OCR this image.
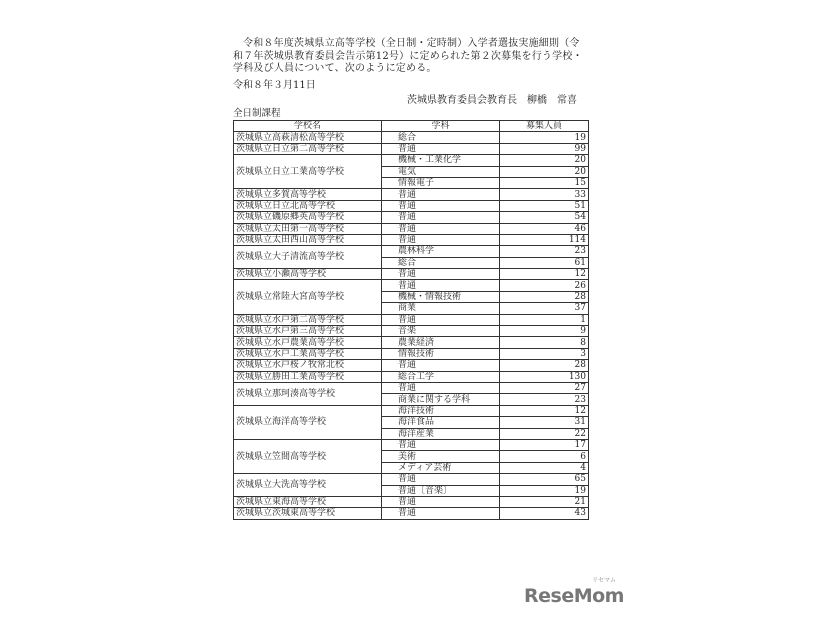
令和８年度茨城県立高等学校（全日制・定時制）入学者選抜実施細則（令和７年茨城県教育委員会告示第12号）に定められた第２次募集を行う学校・学科及び人員について、次のように定める。

令和８年３月11日
茨城県教育委員会教育長　柳橋　常喜
全日制課程
学校名	学科	募集人員
茨城県立高萩清松高等学校	総合	19
茨城県立日立第二高等学校	普通	99
茨城県立日立工業高等学校	機械・工業化学	20
	電気	20
	情報電子	15
茨城県立多賀高等学校	普通	33
茨城県立日立北高等学校	普通	51
茨城県立磯原郷英高等学校	普通	54
茨城県立太田第一高等学校	普通	46
茨城県立太田西山高等学校	普通	114
茨城県立大子清流高等学校	農林科学	23
	総合	61
茨城県立小瀬高等学校	普通	12
茨城県立常陸大宮高等学校	普通	26
	機械・情報技術	28
	商業	37
茨城県立水戸第二高等学校	普通	1
茨城県立水戸第三高等学校	音楽	9
茨城県立水戸農業高等学校	農業経済	8
茨城県立水戸工業高等学校	情報技術	3
茨城県立水戸桜ノ牧常北校	普通	28
茨城県立勝田工業高等学校	総合工学	130
茨城県立那珂湊高等学校	普通	27
	商業に関する学科	23
茨城県立海洋高等学校	海洋技術	12
	海洋食品	31
	海洋産業	22
茨城県立笠間高等学校	普通	17
	美術	6
	メディア芸術	4
茨城県立大洗高等学校	普通	65
	普通〔音楽〕	19
茨城県立東海高等学校	普通	21
茨城県立茨城東高等学校	普通	43
リセマム
ReseMom
